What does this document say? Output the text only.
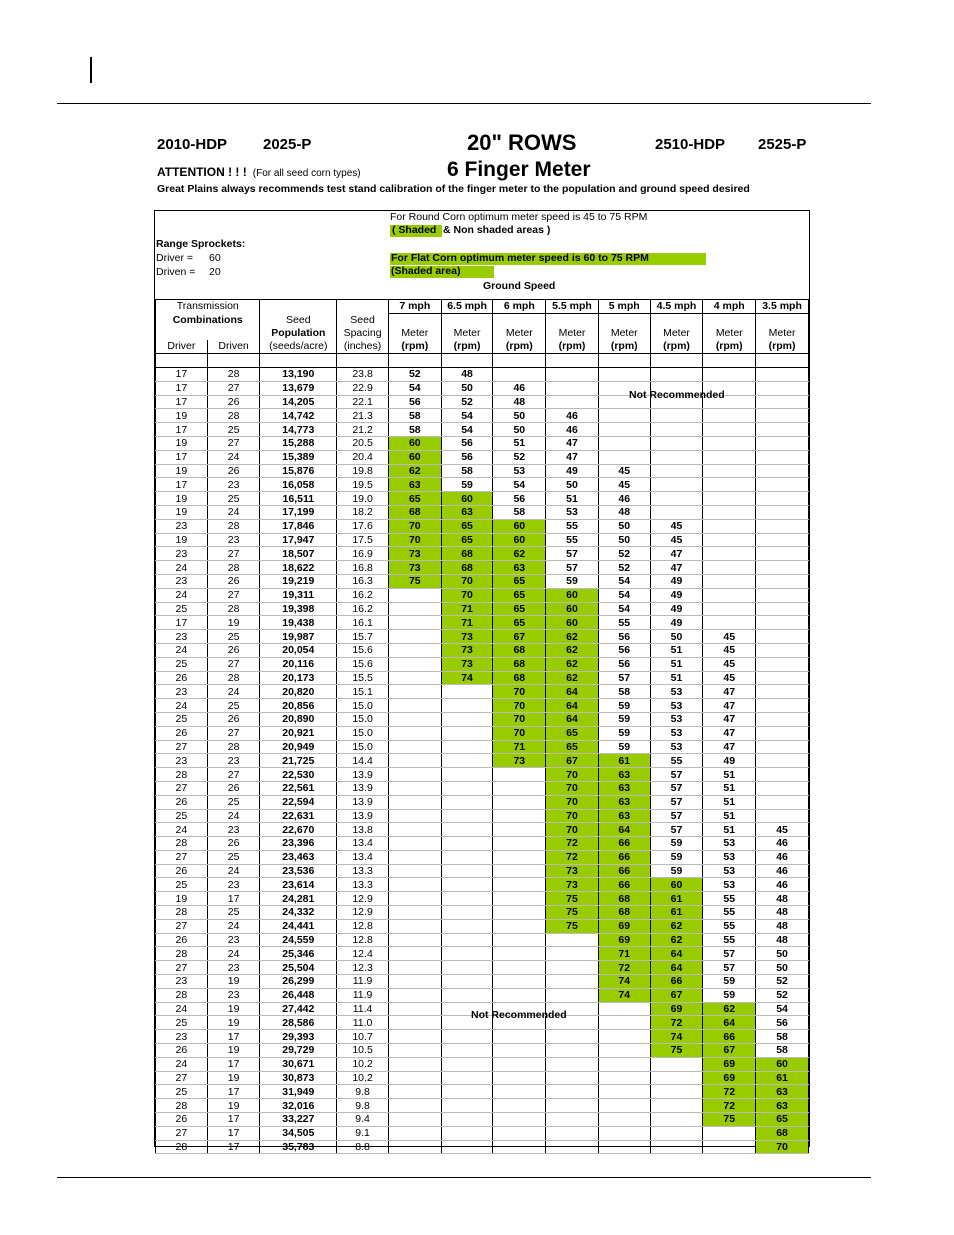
2010-HDP 2025-P	20" ROWS	2510-HDP 2525-P
ATTENTION ! ! ! (For all seed corn types)	6 Finger Meter
Great Plains always recommends test stand calibration of the finger meter to the population and ground speed desired
For Round Corn optimum meter speed is 45 to 75 RPM
( Shaded & Non shaded areas )
Range Sprockets:
Driver = 60
Driven = 20
For Flat Corn optimum meter speed is 60 to 75 RPM
(Shaded area)
Ground Speed
Transmission				7 mph	6.5 mph	6 mph	5.5 mph	5 mph	4.5 mph	4 mph	3.5 mph
Combinations		Seed	Seed								
		Population	Spacing	Meter	Meter	Meter	Meter	Meter	Meter	Meter	Meter
Driver	Driven	(seeds/acre)	(inches)	(rpm)	(rpm)	(rpm)	(rpm)	(rpm)	(rpm)	(rpm)	(rpm)

17	28	13,190	23.8	52	48						
17	27	13,679	22.9	54	50	46					
17	26	14,205	22.1	56	52	48					
19	28	14,742	21.3	58	54	50	46				
17	25	14,773	21.2	58	54	50	46				
19	27	15,288	20.5	60	56	51	47				
17	24	15,389	20.4	60	56	52	47				
19	26	15,876	19.8	62	58	53	49	45			
17	23	16,058	19.5	63	59	54	50	45			
19	25	16,511	19.0	65	60	56	51	46			
19	24	17,199	18.2	68	63	58	53	48			
23	28	17,846	17.6	70	65	60	55	50	45		
19	23	17,947	17.5	70	65	60	55	50	45		
23	27	18,507	16.9	73	68	62	57	52	47		
24	28	18,622	16.8	73	68	63	57	52	47		
23	26	19,219	16.3	75	70	65	59	54	49		
24	27	19,311	16.2		70	65	60	54	49		
25	28	19,398	16.2		71	65	60	54	49		
17	19	19,438	16.1		71	65	60	55	49		
23	25	19,987	15.7		73	67	62	56	50	45	
24	26	20,054	15.6		73	68	62	56	51	45	
25	27	20,116	15.6		73	68	62	56	51	45	
26	28	20,173	15.5		74	68	62	57	51	45	
23	24	20,820	15.1			70	64	58	53	47	
24	25	20,856	15.0			70	64	59	53	47	
25	26	20,890	15.0			70	64	59	53	47	
26	27	20,921	15.0			70	65	59	53	47	
27	28	20,949	15.0			71	65	59	53	47	
23	23	21,725	14.4			73	67	61	55	49	
28	27	22,530	13.9				70	63	57	51	
27	26	22,561	13.9				70	63	57	51	
26	25	22,594	13.9				70	63	57	51	
25	24	22,631	13.9				70	63	57	51	
24	23	22,670	13.8				70	64	57	51	45
28	26	23,396	13.4				72	66	59	53	46
27	25	23,463	13.4				72	66	59	53	46
26	24	23,536	13.3				73	66	59	53	46
25	23	23,614	13.3				73	66	60	53	46
19	17	24,281	12.9				75	68	61	55	48
28	25	24,332	12.9				75	68	61	55	48
27	24	24,441	12.8				75	69	62	55	48
26	23	24,559	12.8					69	62	55	48
28	24	25,346	12.4					71	64	57	50
27	23	25,504	12.3					72	64	57	50
23	19	26,299	11.9					74	66	59	52
28	23	26,448	11.9					74	67	59	52
24	19	27,442	11.4						69	62	54
25	19	28,586	11.0						72	64	56
23	17	29,393	10.7						74	66	58
26	19	29,729	10.5						75	67	58
24	17	30,671	10.2							69	60
27	19	30,873	10.2							69	61
25	17	31,949	9.8							72	63
28	19	32,016	9.8							72	63
26	17	33,227	9.4							75	65
27	17	34,505	9.1								68
28	17	35,783	8.8								70
Not Recommended
Not Recommended
